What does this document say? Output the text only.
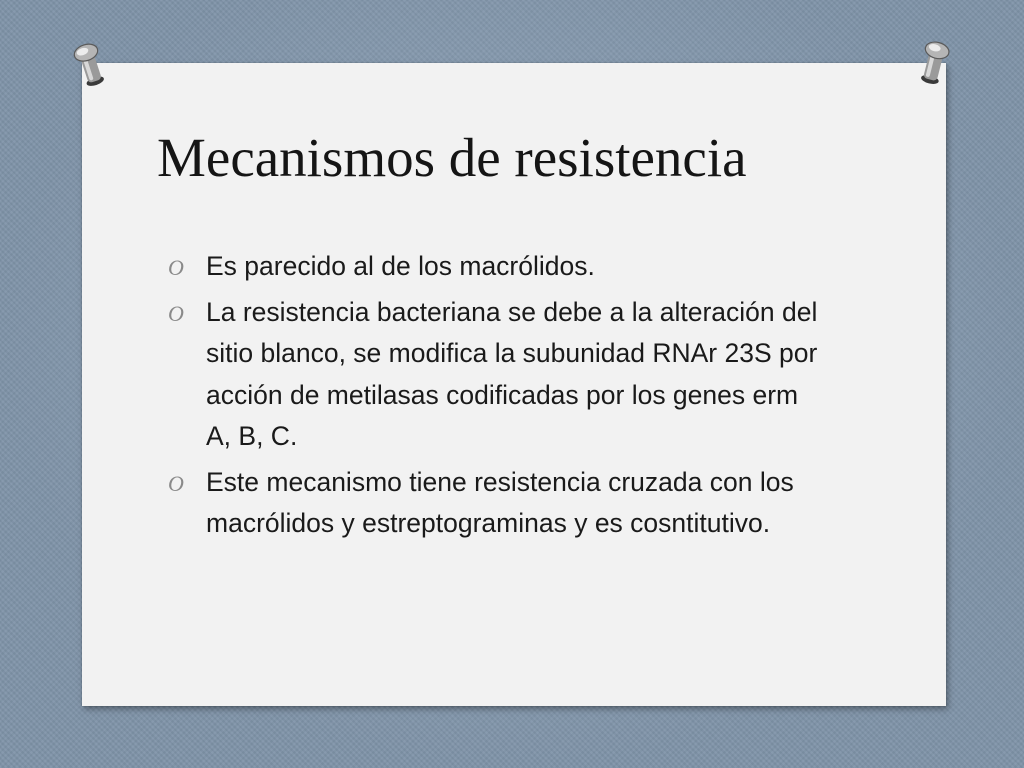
Mecanismos de resistencia
O Es parecido al de los macrólidos.
O La resistencia bacteriana se debe a la alteración del sitio blanco, se modifica la subunidad RNAr 23S por acción de metilasas codificadas por los genes erm A, B, C.
O Este mecanismo tiene resistencia cruzada con los macrólidos y estreptograminas y es cosntitutivo.
